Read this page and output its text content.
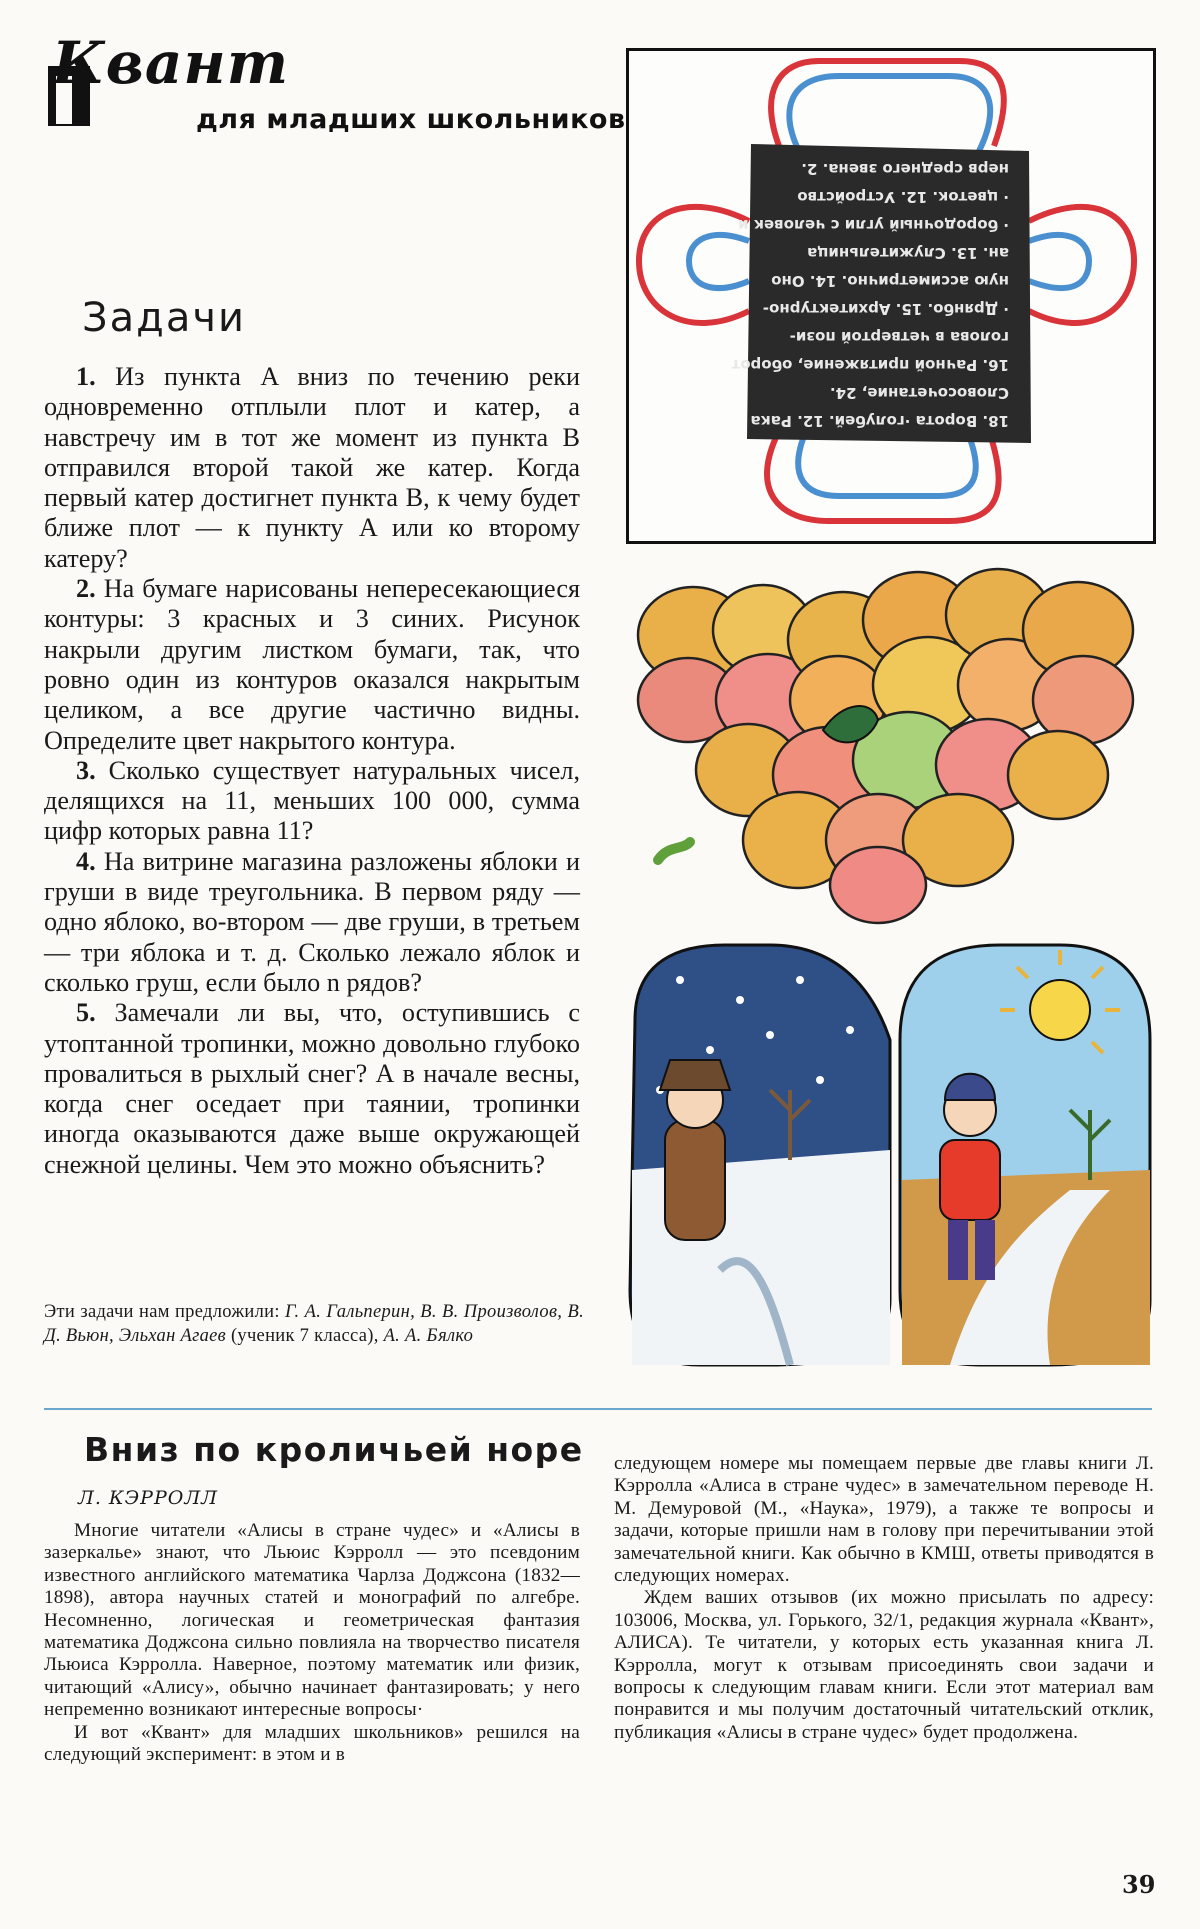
Квант
для младших школьников
18. Ворота ·голубей. 12. Рака
Словосочетание, 24.
16. Рачной притяжение, оборот
голова в четвертой пози-
· Дрянбо. 15. Архитектурно-
ную ассиметрично. 14. Оно
ан. 13. Служительница
· бородочный угли с человек и
· цветок. 12. Устройство
нерв среднего звена. 2.
Задачи

1. Из пункта A вниз по течению реки одновременно отплыли плот и катер, а навстречу им в тот же момент из пункта B отправился второй такой же катер. Когда первый катер достигнет пункта B, к чему будет ближе плот — к пункту A или ко второму катеру?

2. На бумаге нарисованы непересекающиеся контуры: 3 красных и 3 синих. Рисунок накрыли другим листком бумаги, так, что ровно один из контуров оказался накрытым целиком, а все другие частично видны. Определите цвет накрытого контура.

3. Сколько существует натуральных чисел, делящихся на 11, меньших 100 000, сумма цифр которых равна 11?

4. На витрине магазина разложены яблоки и груши в виде треугольника. В первом ряду — одно яблоко, во-втором — две груши, в третьем — три яблока и т. д. Сколько лежало яблок и сколько груш, если было n рядов?

5. Замечали ли вы, что, оступившись с утоптанной тропинки, можно довольно глубоко провалиться в рыхлый снег? А в начале весны, когда снег оседает при таянии, тропинки иногда оказываются даже выше окружающей снежной целины. Чем это можно объяснить?

Эти задачи нам предложили: Г. А. Гальперин, В. В. Произволов, В. Д. Вьюн, Эльхан Агаев (ученик 7 класса), А. А. Бялко
Вниз по кроличьей норе
Л. КЭРРОЛЛ

Многие читатели «Алисы в стране чудес» и «Алисы в зазеркалье» знают, что Льюис Кэрролл — это псевдоним известного английского математика Чарлза Доджсона (1832—1898), автора научных статей и монографий по алгебре. Несомненно, логическая и геометрическая фантазия математика Доджсона сильно повлияла на творчество писателя Льюиса Кэрролла. Наверное, поэтому математик или физик, читающий «Алису», обычно начинает фантазировать; у него непременно возникают интересные вопросы·

И вот «Квант» для младших школьников» решился на следующий эксперимент: в этом и в

следующем номере мы помещаем первые две главы книги Л. Кэрролла «Алиса в стране чудес» в замечательном переводе Н. М. Демуровой (М., «Наука», 1979), а также те вопросы и задачи, которые пришли нам в голову при перечитывании этой замечательной книги. Как обычно в КМШ, ответы приводятся в следующих номерах.

Ждем ваших отзывов (их можно присылать по адресу: 103006, Москва, ул. Горького, 32/1, редакция журнала «Квант», АЛИСА). Те читатели, у которых есть указанная книга Л. Кэрролла, могут к отзывам присоединять свои задачи и вопросы к следующим главам книги. Если этот материал вам понравится и мы получим достаточный читательский отклик, публикация «Алисы в стране чудес» будет продолжена.

39
